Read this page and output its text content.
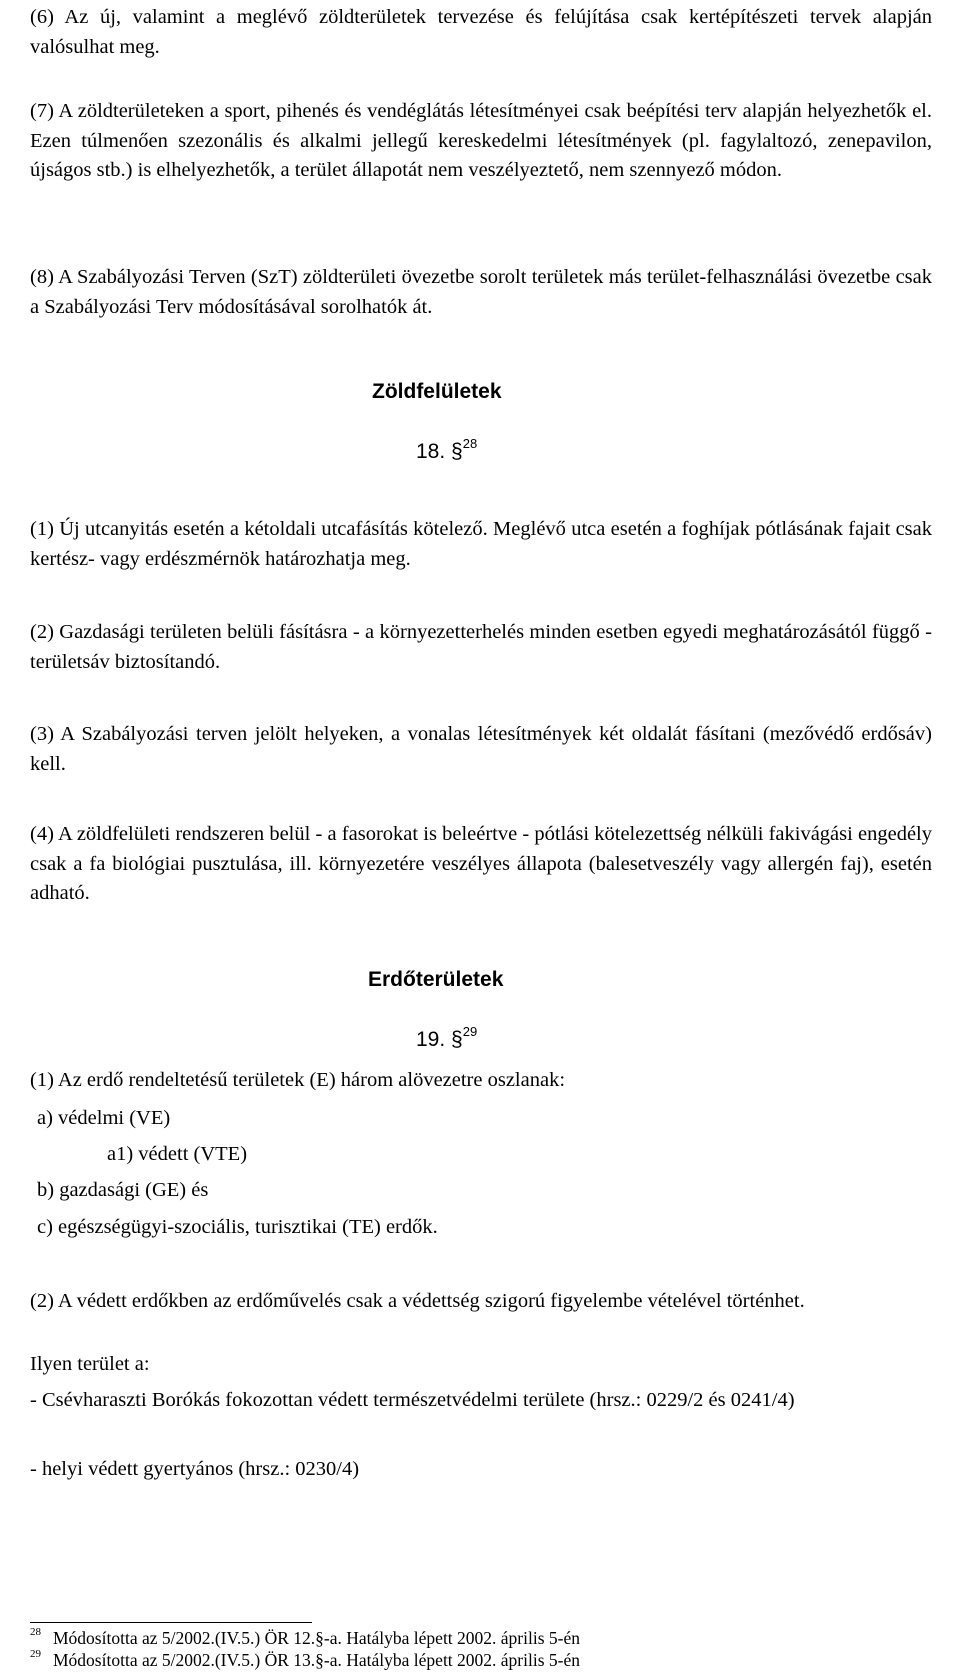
(6) Az új, valamint a meglévő zöldterületek tervezése és felújítása csak kertépítészeti tervek alapján valósulhat meg.

(7) A zöldterületeken a sport, pihenés és vendéglátás létesítményei csak beépítési terv alapján helyezhetők el. Ezen túlmenően szezonális és alkalmi jellegű kereskedelmi létesítmények (pl. fagylaltozó, zenepavilon, újságos stb.) is elhelyezhetők, a terület állapotát nem veszélyeztető, nem szennyező módon.

(8) A Szabályozási Terven (SzT) zöldterületi övezetbe sorolt területek más terület-felhasználási övezetbe csak a Szabályozási Terv módosításával sorolhatók át.

Zöldfelületek
18. §$^{28}$

(1) Új utcanyitás esetén a kétoldali utcafásítás kötelező. Meglévő utca esetén a foghíjak pótlásának fajait csak kertész- vagy erdészmérnök határozhatja meg.

(2) Gazdasági területen belüli fásításra - a környezetterhelés minden esetben egyedi meghatározásától függő - területsáv biztosítandó.

(3) A Szabályozási terven jelölt helyeken, a vonalas létesítmények két oldalát fásítani (mezővédő erdősáv) kell.

(4) A zöldfelületi rendszeren belül - a fasorokat is beleértve - pótlási kötelezettség nélküli fakivágási engedély csak a fa biológiai pusztulása, ill. környezetére veszélyes állapota (balesetveszély vagy allergén faj), esetén adható.

Erdőterületek
19. §$^{29}$

(1) Az erdő rendeltetésű területek (E) három alövezetre oszlanak:

a) védelmi (VE)

a1) védett (VTE)

b) gazdasági (GE) és

c) egészségügyi-szociális, turisztikai (TE) erdők.

(2) A védett erdőkben az erdőművelés csak a védettség szigorú figyelembe vételével történhet.

Ilyen terület a:

- Csévharaszti Borókás fokozottan védett természetvédelmi területe (hrsz.: 0229/2 és 0241/4)

- helyi védett gyertyános (hrsz.: 0230/4)

$^{28}$ Módosította az 5/2002.(IV.5.) ÖR 12.§-a. Hatályba lépett 2002. április 5-én

$^{29}$ Módosította az 5/2002.(IV.5.) ÖR 13.§-a. Hatályba lépett 2002. április 5-én
